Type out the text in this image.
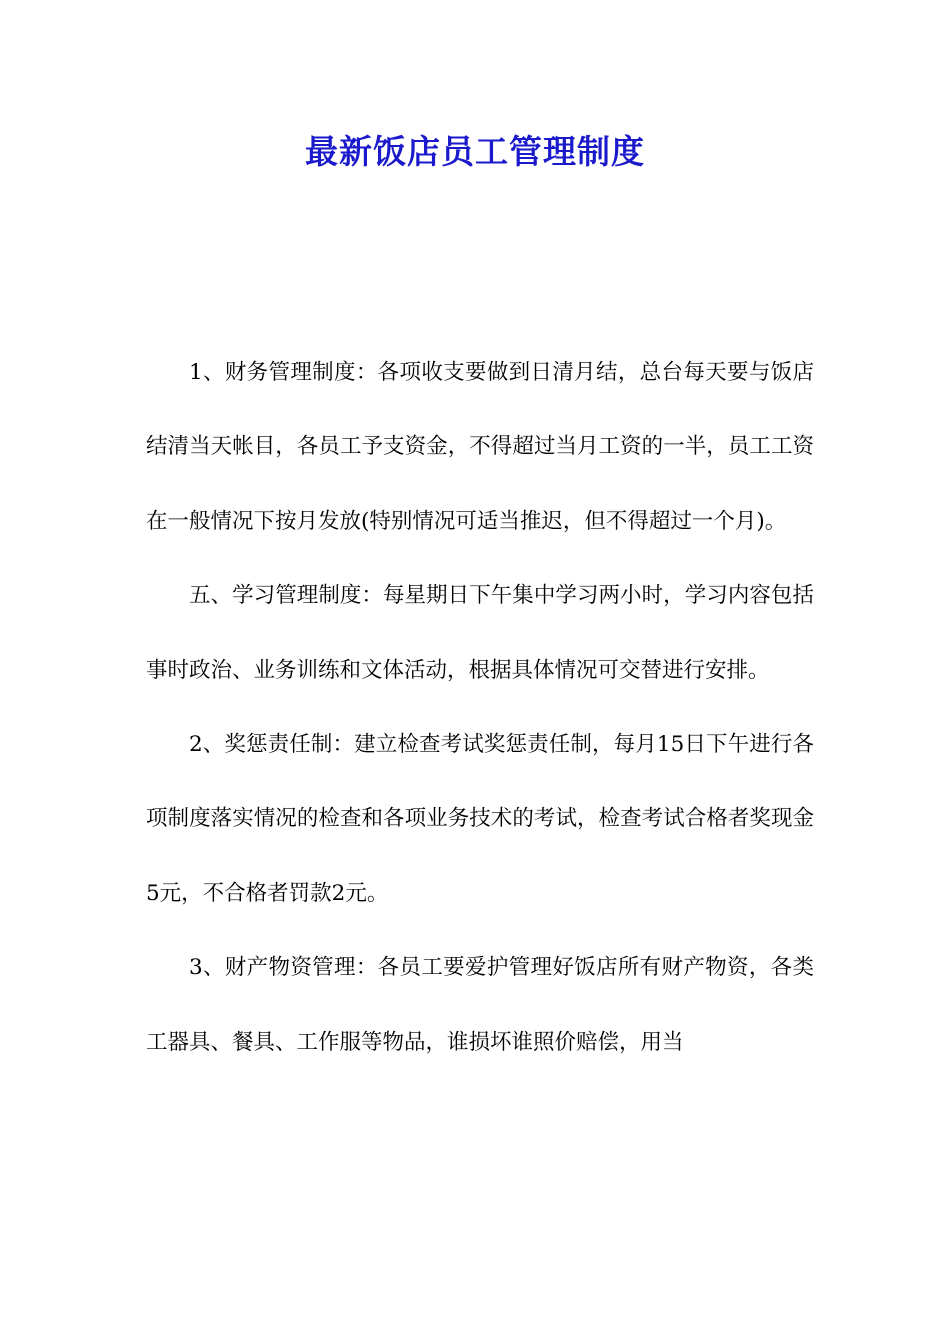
最新饭店员工管理制度

1、财务管理制度：各项收支要做到日清月结，总台每天要与饭店结清当天帐目，各员工予支资金，不得超过当月工资的一半，员工工资在一般情况下按月发放(特别情况可适当推迟，但不得超过一个月)。

五、学习管理制度：每星期日下午集中学习两小时，学习内容包括事时政治、业务训练和文体活动，根据具体情况可交替进行安排。

2、奖惩责任制：建立检查考试奖惩责任制，每月15日下午进行各项制度落实情况的检查和各项业务技术的考试，检查考试合格者奖现金5元，不合格者罚款2元。

3、财产物资管理：各员工要爱护管理好饭店所有财产物资，各类工器具、餐具、工作服等物品，谁损坏谁照价赔偿，用当
